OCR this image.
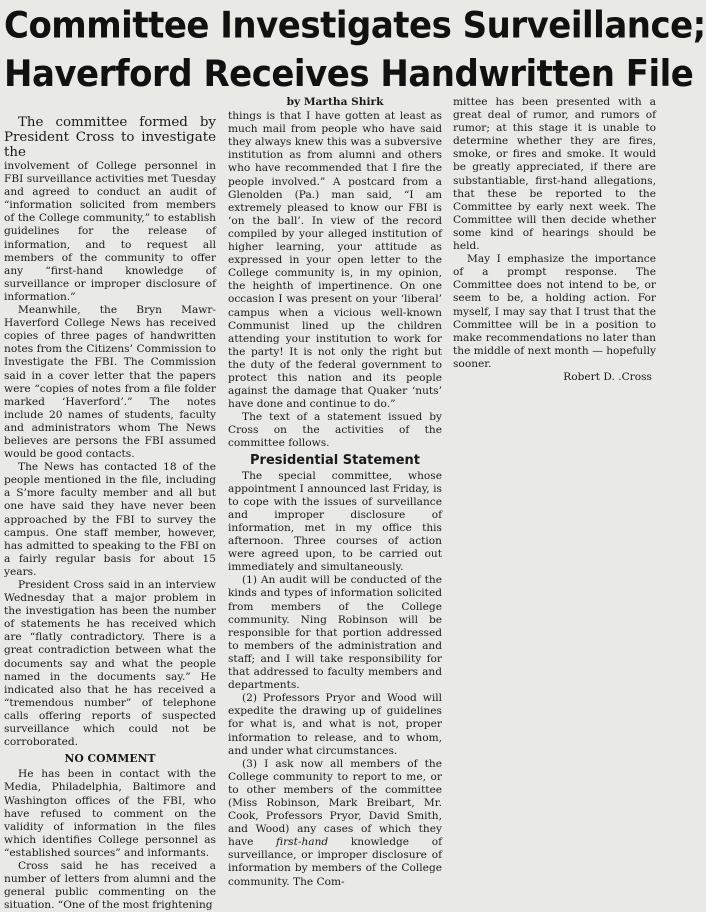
Committee Investigates Surveillance;
Haverford Receives Handwritten File

The committee formed by President Cross to investigate the

involvement of College personnel in FBI surveillance activities met Tuesday and agreed to conduct an audit of “information solicited from members of the College community,” to establish guidelines for the release of information, and to request all members of the community to offer any “first-hand knowledge of surveillance or improper disclosure of information.”

Meanwhile, the Bryn Mawr-Haverford College News has received copies of three pages of handwritten notes from the Citizens’ Commission to Investigate the FBI. The Commission said in a cover letter that the papers were “copies of notes from a file folder marked ‘Haverford’.” The notes include 20 names of students, faculty and administrators whom The News believes are persons the FBI assumed would be good contacts.

The News has contacted 18 of the people mentioned in the file, including a S’more faculty member and all but one have said they have never been approached by the FBI to survey the campus. One staff member, however, has admitted to speaking to the FBI on a fairly regular basis for about 15 years.

President Cross said in an interview Wednesday that a major problem in the investigation has been the number of statements he has received which are “flatly contradictory. There is a great contradiction between what the documents say and what the people named in the documents say.” He indicated also that he has received a “tremendous number” of telephone calls offering reports of suspected surveillance which could not be corroborated.

NO COMMENT

He has been in contact with the Media, Philadelphia, Baltimore and Washington offices of the FBI, who have refused to comment on the validity of information in the files which identifies College personnel as “established sources” and informants.

Cross said he has received a number of letters from alumni and the general public commenting on the situation. “One of the most frightening

by Martha Shirk

things is that I have gotten at least as much mail from people who have said they always knew this was a subversive institution as from alumni and others who have recommended that I fire the people involved.” A postcard from a Glenolden (Pa.) man said, “I am extremely pleased to know our FBI is ‘on the ball’. In view of the record compiled by your alleged institution of higher learning, your attitude as expressed in your open letter to the College community is, in my opinion, the heighth of impertinence. On one occasion I was present on your ‘liberal’ campus when a vicious well-known Communist lined up the children attending your institution to work for the party! It is not only the right but the duty of the federal government to protect this nation and its people against the damage that Quaker ‘nuts’ have done and continue to do.”

The text of a statement issued by Cross on the activities of the committee follows.

Presidential Statement

The special committee, whose appointment I announced last Friday, is to cope with the issues of surveillance and improper disclosure of information, met in my office this afternoon. Three courses of action were agreed upon, to be carried out immediately and simultaneously.

(1) An audit will be conducted of the kinds and types of information solicited from members of the College community. Ning Robinson will be responsible for that portion addressed to members of the administration and staff; and I will take responsibility for that addressed to faculty members and departments.

(2) Professors Pryor and Wood will expedite the drawing up of guidelines for what is, and what is not, proper information to release, and to whom, and under what circumstances.

(3) I ask now all members of the College community to report to me, or to other members of the committee (Miss Robinson, Mark Breibart, Mr. Cook, Professors Pryor, David Smith, and Wood) any cases of which they have first-hand knowledge of surveillance, or improper disclosure of information by members of the College community. The Com-

mittee has been presented with a great deal of rumor, and rumors of rumor; at this stage it is unable to determine whether they are fires, smoke, or fires and smoke. It would be greatly appreciated, if there are substantiable, first-hand allegations, that these be reported to the Committee by early next week. The Committee will then decide whether some kind of hearings should be held.

May I emphasize the importance of a prompt response. The Committee does not intend to be, or seem to be, a holding action. For myself, I may say that I trust that the Committee will be in a position to make recommendations no later than the middle of next month — hopefully sooner.

Robert D. .Cross
